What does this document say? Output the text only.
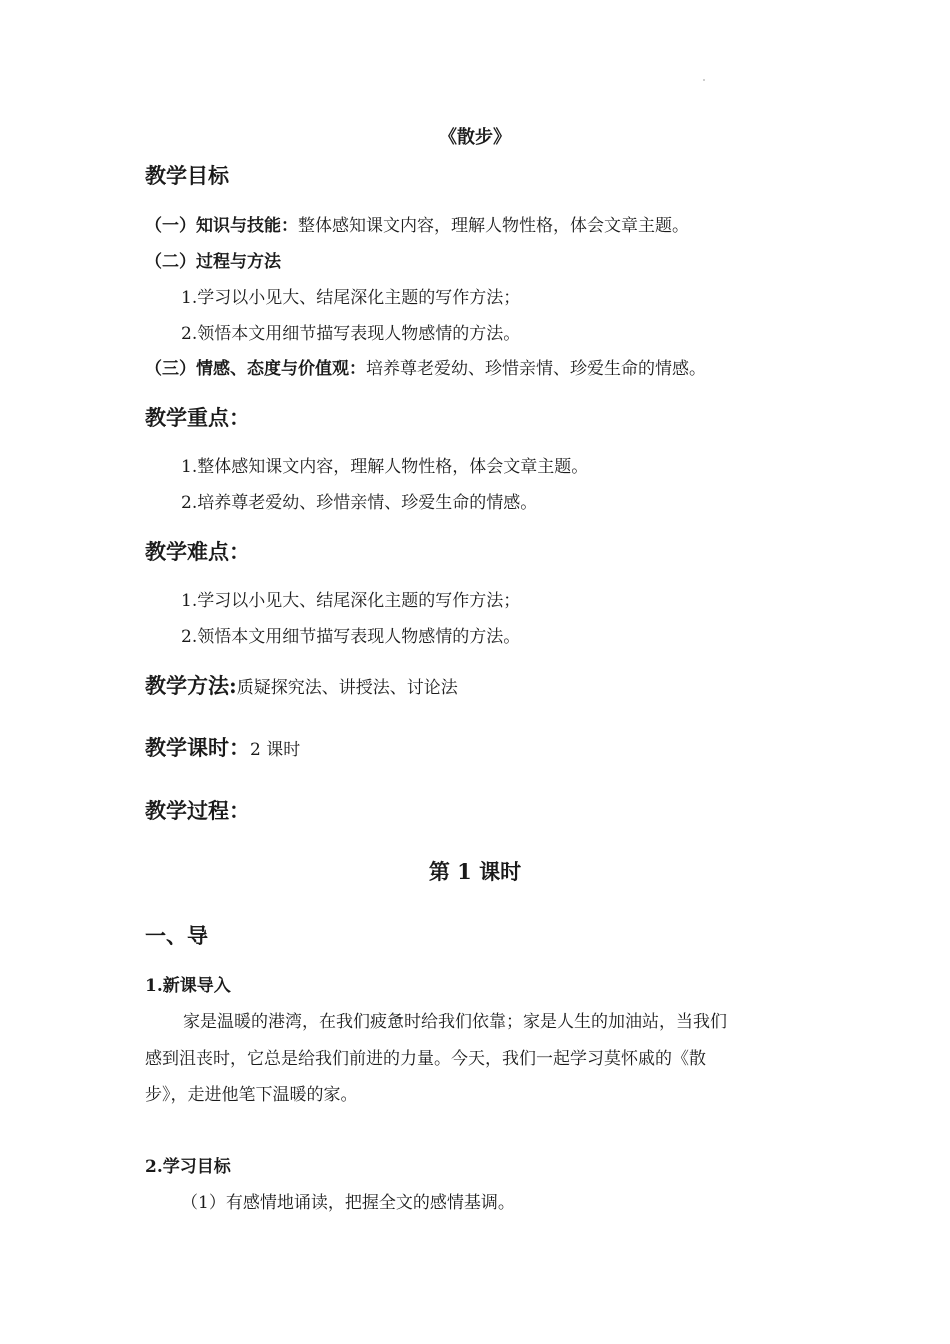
《散步》
教学目标
（一）知识与技能：整体感知课文内容，理解人物性格，体会文章主题。
（二）过程与方法
1.学习以小见大、结尾深化主题的写作方法；
2.领悟本文用细节描写表现人物感情的方法。
（三）情感、态度与价值观：培养尊老爱幼、珍惜亲情、珍爱生命的情感。
教学重点：
1.整体感知课文内容，理解人物性格，体会文章主题。
2.培养尊老爱幼、珍惜亲情、珍爱生命的情感。
教学难点：
1.学习以小见大、结尾深化主题的写作方法；
2.领悟本文用细节描写表现人物感情的方法。
教学方法:质疑探究法、讲授法、讨论法
教学课时：2 课时
教学过程：
第 1 课时
一、导
1.新课导入
家是温暖的港湾，在我们疲惫时给我们依靠；家是人生的加油站，当我们
感到沮丧时，它总是给我们前进的力量。今天，我们一起学习莫怀戚的《散
步》，走进他笔下温暖的家。
2.学习目标
（1）有感情地诵读，把握全文的感情基调。
